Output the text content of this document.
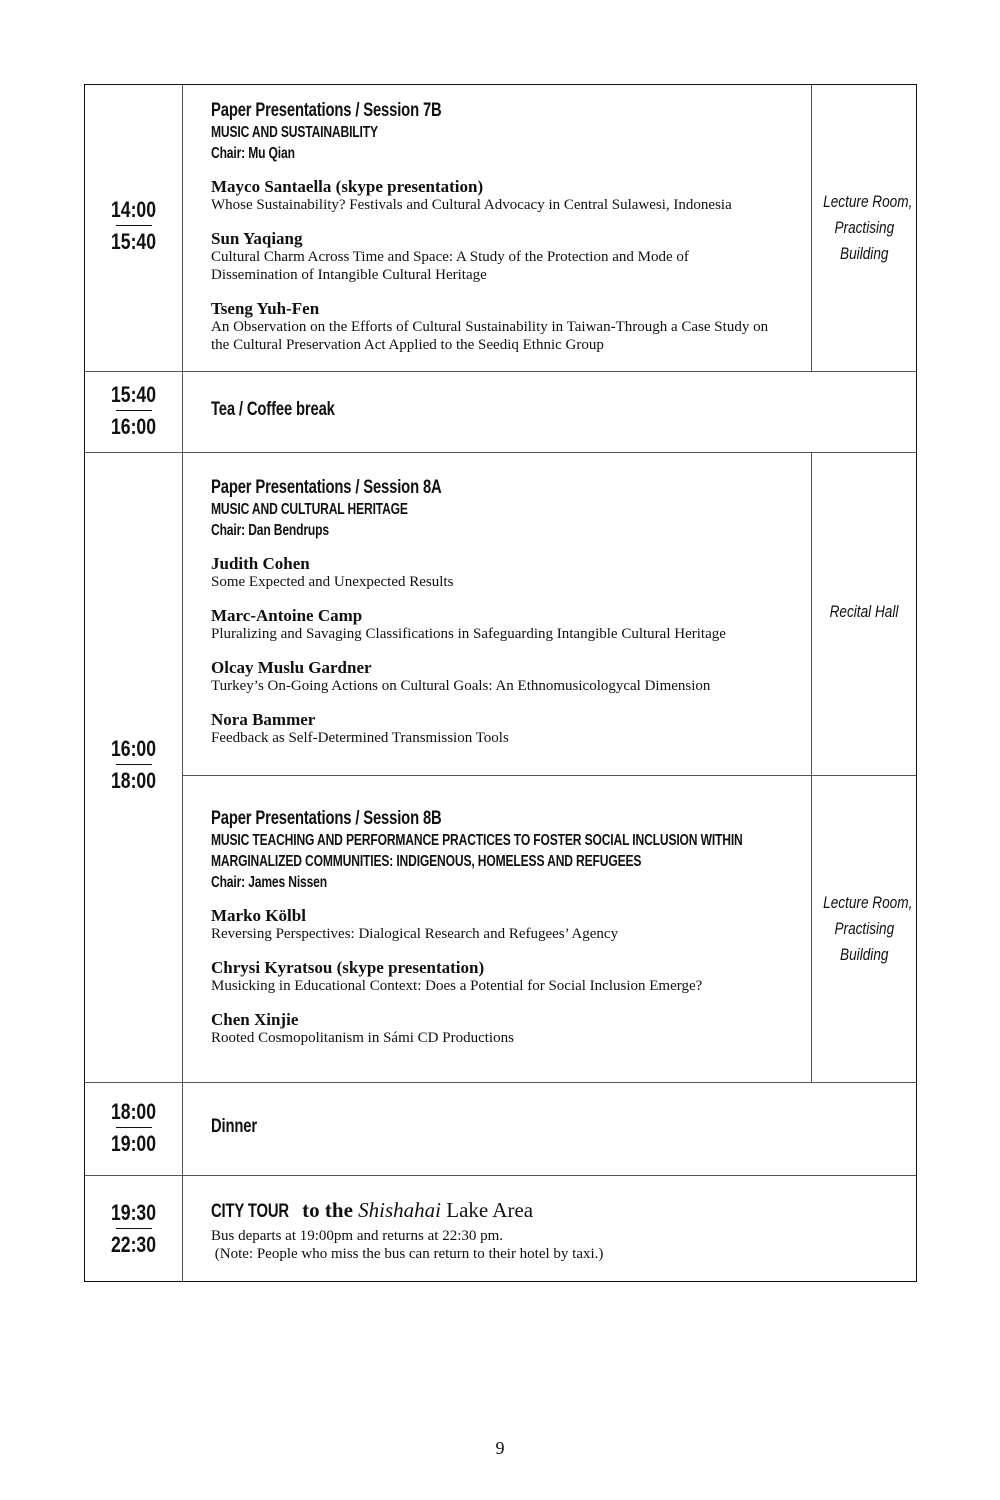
14:00
15:40
Paper Presentations / Session 7B
MUSIC AND SUSTAINABILITY
Chair: Mu Qian
Mayco Santaella (skype presentation)
Whose Sustainability? Festivals and Cultural Advocacy in Central Sulawesi, Indonesia
Sun Yaqiang
Cultural Charm Across Time and Space: A Study of the Protection and Mode of
Dissemination of Intangible Cultural Heritage
Tseng Yuh-Fen
An Observation on the Efforts of Cultural Sustainability in Taiwan-Through a Case Study on
the Cultural Preservation Act Applied to the Seediq Ethnic Group
Lecture Room,
Practising
Building
15:40
16:00
Tea / Coffee break
16:00
18:00
Paper Presentations / Session 8A
MUSIC AND CULTURAL HERITAGE
Chair: Dan Bendrups
Judith Cohen
Some Expected and Unexpected Results
Marc-Antoine Camp
Pluralizing and Savaging Classifications in Safeguarding Intangible Cultural Heritage
Olcay Muslu Gardner
Turkey’s On-Going Actions on Cultural Goals: An Ethnomusicologycal Dimension
Nora Bammer
Feedback as Self-Determined Transmission Tools
Recital Hall
Paper Presentations / Session 8B
MUSIC TEACHING AND PERFORMANCE PRACTICES TO FOSTER SOCIAL INCLUSION WITHIN
MARGINALIZED COMMUNITIES: INDIGENOUS, HOMELESS AND REFUGEES
Chair: James Nissen
Marko Kölbl
Reversing Perspectives: Dialogical Research and Refugees’ Agency
Chrysi Kyratsou (skype presentation)
Musicking in Educational Context: Does a Potential for Social Inclusion Emerge?
Chen Xinjie
Rooted Cosmopolitanism in Sámi CD Productions
Lecture Room,
Practising
Building
18:00
19:00
Dinner
19:30
22:30
CITY TOUR to the Shishahai Lake Area
Bus departs at 19:00pm and returns at 22:30 pm.
(Note: People who miss the bus can return to their hotel by taxi.)
9
